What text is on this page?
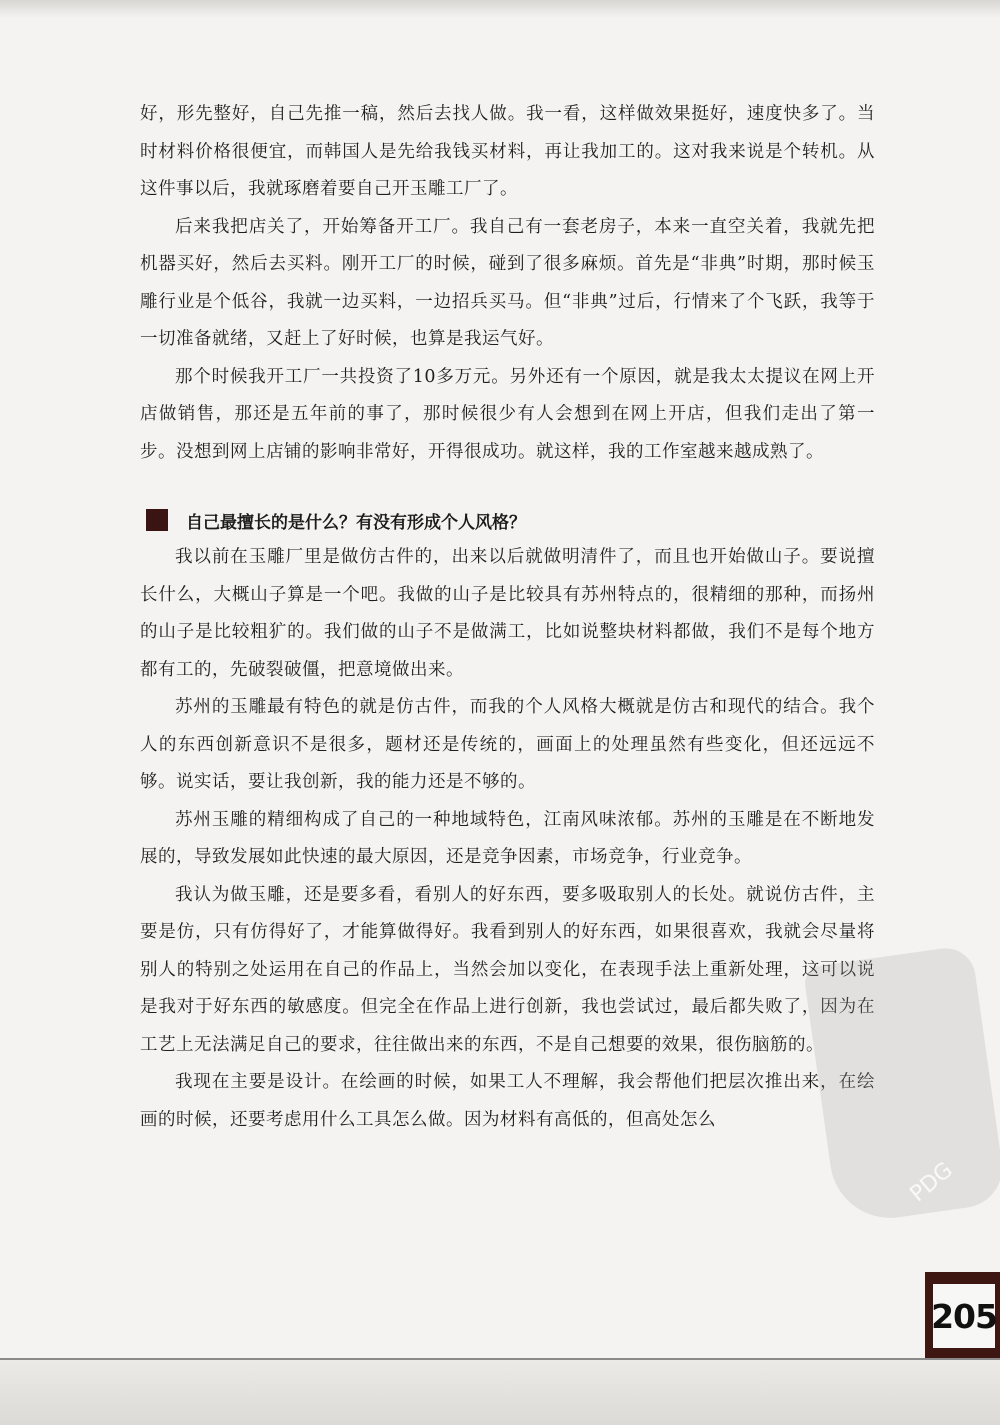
好，形先整好，自己先推一稿，然后去找人做。我一看，这样做效果挺好，速度快多了。当时材料价格很便宜，而韩国人是先给我钱买材料，再让我加工的。这对我来说是个转机。从这件事以后，我就琢磨着要自己开玉雕工厂了。

后来我把店关了，开始筹备开工厂。我自己有一套老房子，本来一直空关着，我就先把机器买好，然后去买料。刚开工厂的时候，碰到了很多麻烦。首先是“非典”时期，那时候玉雕行业是个低谷，我就一边买料，一边招兵买马。但“非典”过后，行情来了个飞跃，我等于一切准备就绪，又赶上了好时候，也算是我运气好。

那个时候我开工厂一共投资了10多万元。另外还有一个原因，就是我太太提议在网上开店做销售，那还是五年前的事了，那时候很少有人会想到在网上开店，但我们走出了第一步。没想到网上店铺的影响非常好，开得很成功。就这样，我的工作室越来越成熟了。

自己最擅长的是什么？有没有形成个人风格？

我以前在玉雕厂里是做仿古件的，出来以后就做明清件了，而且也开始做山子。要说擅长什么，大概山子算是一个吧。我做的山子是比较具有苏州特点的，很精细的那种，而扬州的山子是比较粗犷的。我们做的山子不是做满工，比如说整块材料都做，我们不是每个地方都有工的，先破裂破僵，把意境做出来。

苏州的玉雕最有特色的就是仿古件，而我的个人风格大概就是仿古和现代的结合。我个人的东西创新意识不是很多，题材还是传统的，画面上的处理虽然有些变化，但还远远不够。说实话，要让我创新，我的能力还是不够的。

苏州玉雕的精细构成了自己的一种地域特色，江南风味浓郁。苏州的玉雕是在不断地发展的，导致发展如此快速的最大原因，还是竞争因素，市场竞争，行业竞争。

我认为做玉雕，还是要多看，看别人的好东西，要多吸取别人的长处。就说仿古件，主要是仿，只有仿得好了，才能算做得好。我看到别人的好东西，如果很喜欢，我就会尽量将别人的特别之处运用在自己的作品上，当然会加以变化，在表现手法上重新处理，这可以说是我对于好东西的敏感度。但完全在作品上进行创新，我也尝试过，最后都失败了，因为在工艺上无法满足自己的要求，往往做出来的东西，不是自己想要的效果，很伤脑筋的。

我现在主要是设计。在绘画的时候，如果工人不理解，我会帮他们把层次推出来，在绘画的时候，还要考虑用什么工具怎么做。因为材料有高低的，但高处怎么

PDG
205
